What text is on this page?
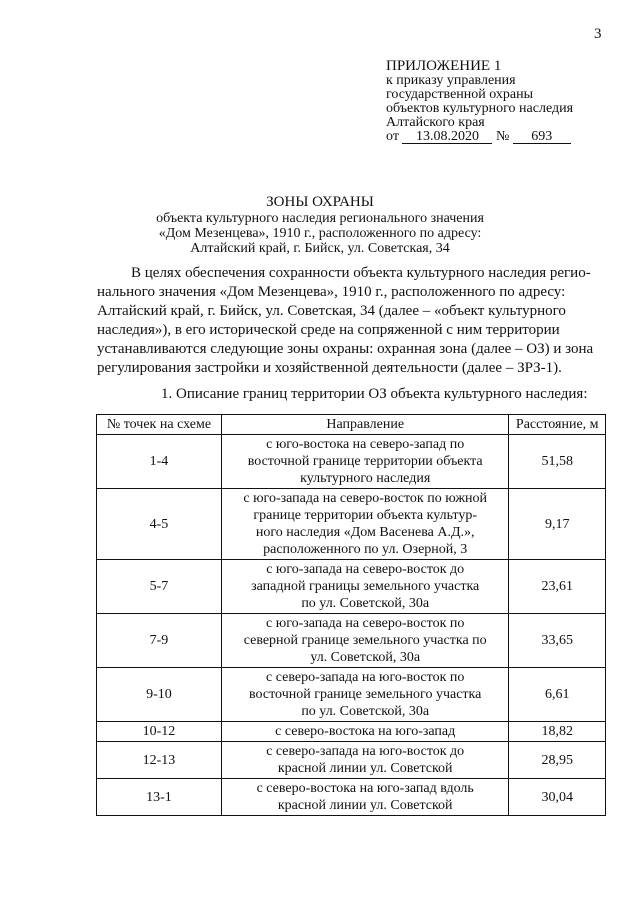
3
ПРИЛОЖЕНИЕ 1
к приказу управления
государственной охраны
объектов культурного наследия
Алтайского края
от 13.08.2020 № 693
ЗОНЫ ОХРАНЫ
объекта культурного наследия регионального значения
«Дом Мезенцева», 1910 г., расположенного по адресу:
Алтайский край, г. Бийск, ул. Советская, 34
В целях обеспечения сохранности объекта культурного наследия регио-
нального значения «Дом Мезенцева», 1910 г., расположенного по адресу:
Алтайский край, г. Бийск, ул. Советская, 34 (далее – «объект культурного
наследия»), в его исторической среде на сопряженной с ним территории
устанавливаются следующие зоны охраны: охранная зона (далее – ОЗ) и зона
регулирования застройки и хозяйственной деятельности (далее – ЗРЗ-1).
1. Описание границ территории ОЗ объекта культурного наследия:
№ точек на схеме	Направление	Расстояние, м
1-4	с юго-востока на северо-запад по
восточной границе территории объекта
культурного наследия	51,58
4-5	с юго-запада на северо-восток по южной
границе территории объекта культур-
ного наследия «Дом Васенева А.Д.»,
расположенного по ул. Озерной, 3	9,17
5-7	с юго-запада на северо-восток до
западной границы земельного участка
по ул. Советской, 30а	23,61
7-9	с юго-запада на северо-восток по
северной границе земельного участка по
ул. Советской, 30а	33,65
9-10	с северо-запада на юго-восток по
восточной границе земельного участка
по ул. Советской, 30а	6,61
10-12	с северо-востока на юго-запад	18,82
12-13	с северо-запада на юго-восток до
красной линии ул. Советской	28,95
13-1	с северо-востока на юго-запад вдоль
красной линии ул. Советской	30,04
